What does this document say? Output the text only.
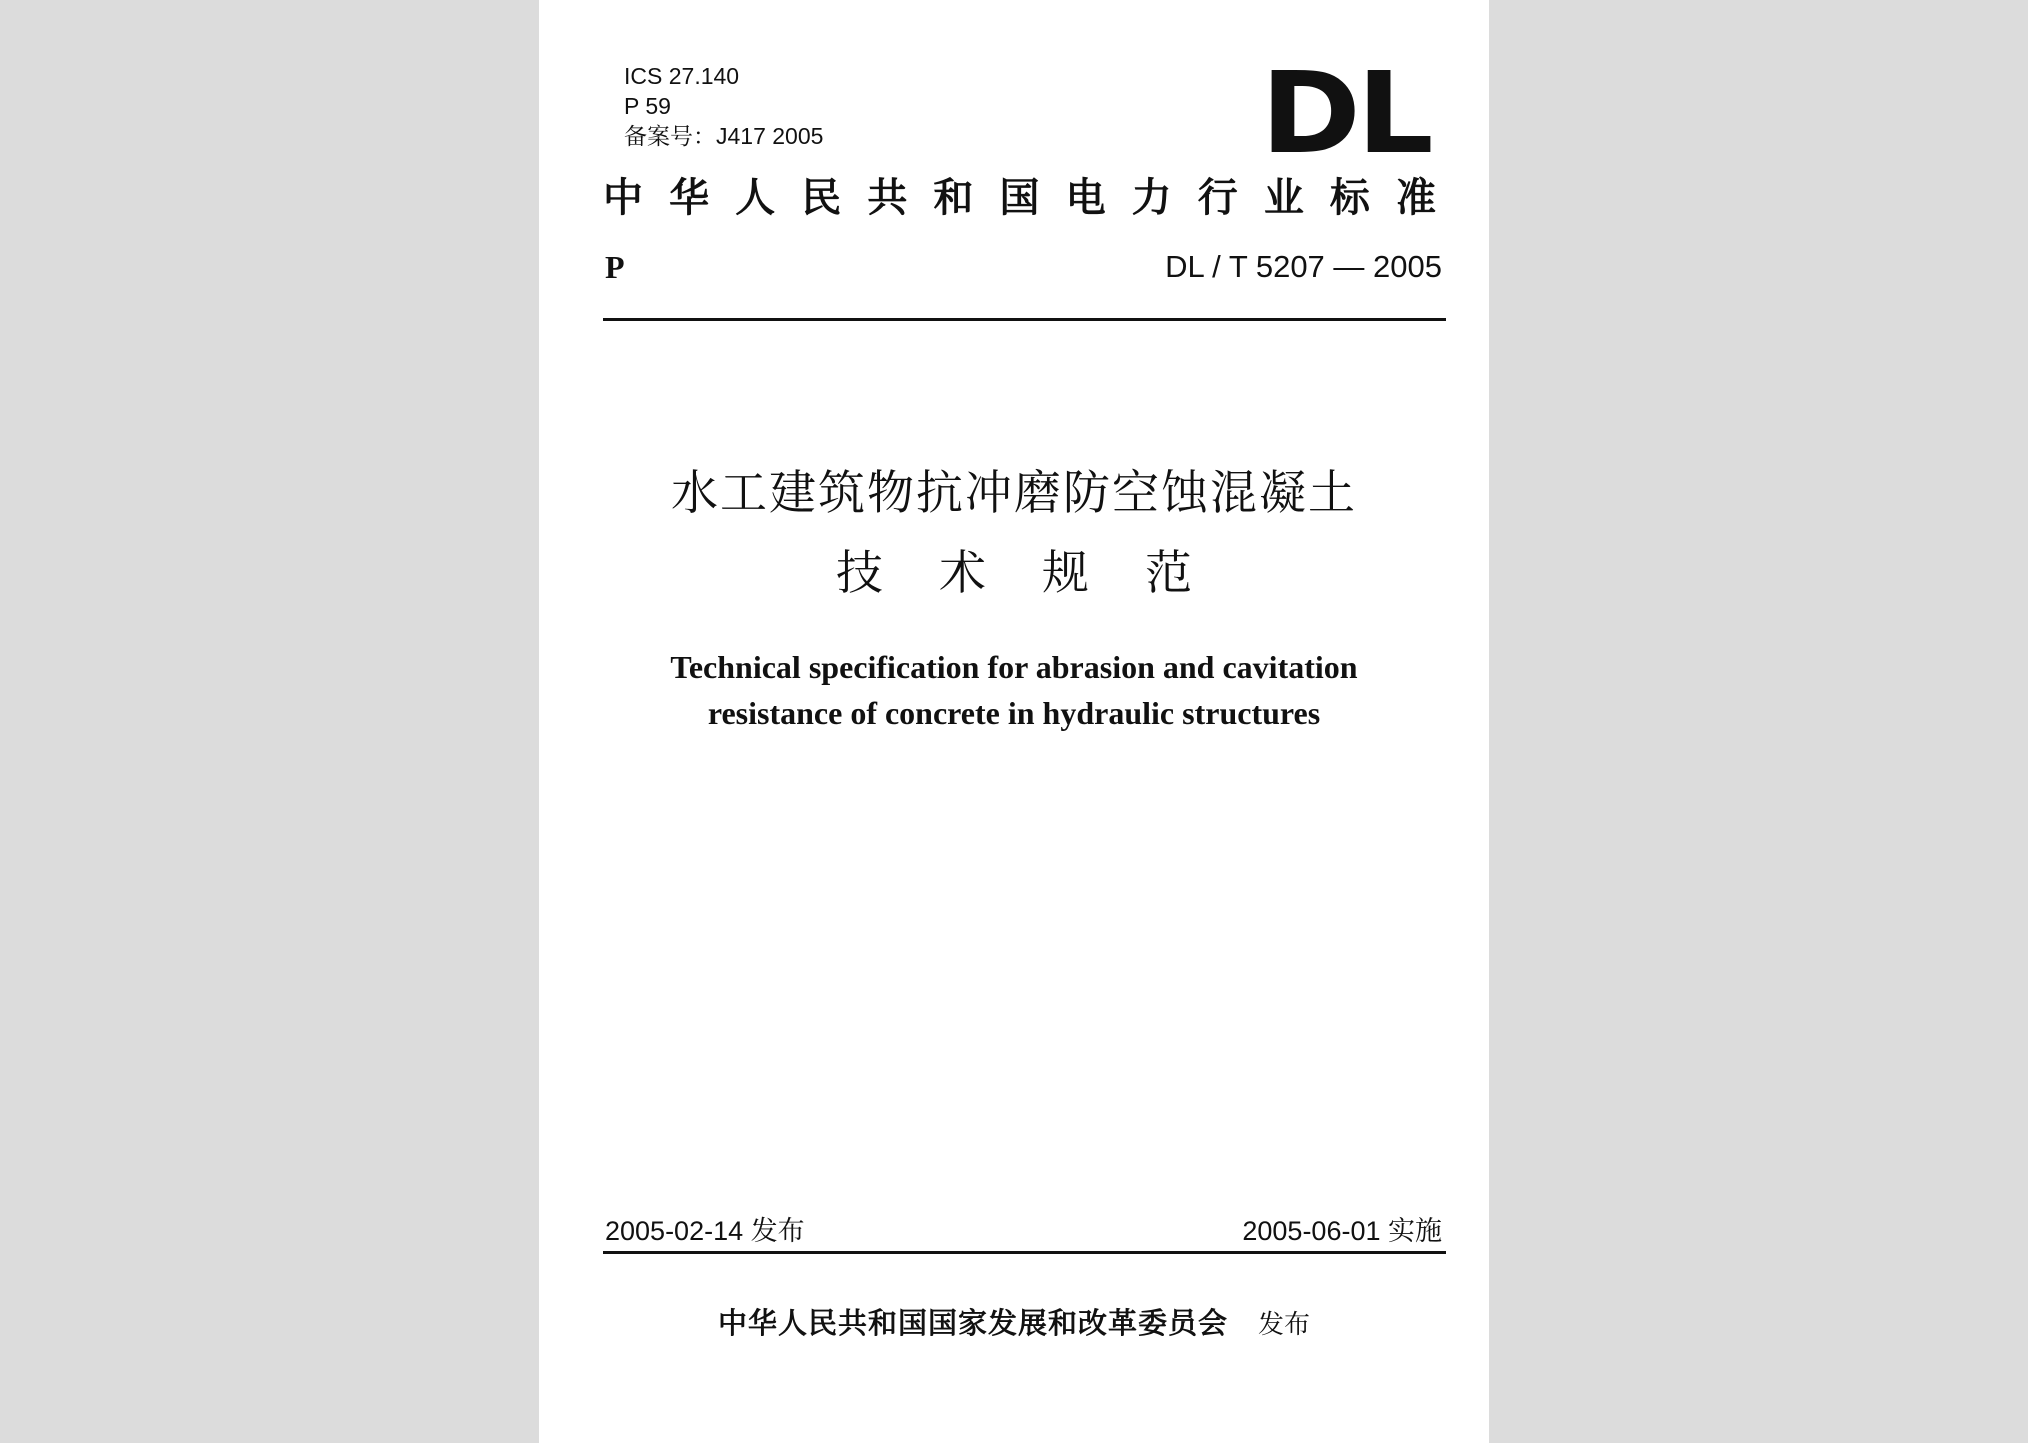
ICS 27.140
P 59
备案号：J417 2005	DL
中华人民共和国电力行业标准
P	DL / T 5207 — 2005
水工建筑物抗冲磨防空蚀混凝土
技术规范
Technical specification for abrasion and cavitation
resistance of concrete in hydraulic structures
2005-02-14 发布	2005-06-01 实施
中华人民共和国国家发展和改革委员会 发布
